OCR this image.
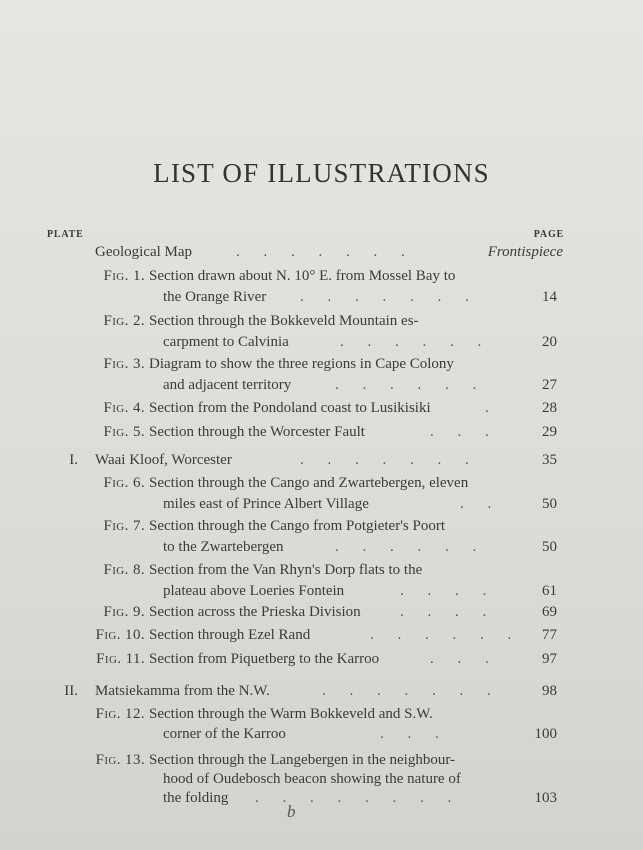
LIST OF ILLUSTRATIONS
PLATE	PAGE
Geological Map	. . . . . . .	Frontispiece
Fig. 1. Section drawn about N. 10° E. from Mossel Bay to
the Orange River . . . . . . .	14
Fig. 2. Section through the Bokkeveld Mountain es-
carpment to Calvinia	. . . . . .	20
Fig. 3. Diagram to show the three regions in Cape Colony
and adjacent territory	. . . . . .	27
Fig. 4. Section from the Pondoland coast to Lusikisiki	.	28
Fig. 5. Section through the Worcester Fault	. . .	29
I. Waai Kloof, Worcester	. . . . . . .	35
Fig. 6. Section through the Cango and Zwartebergen, eleven
miles east of Prince Albert Village	. .	50
Fig. 7. Section through the Cango from Potgieter's Poort
to the Zwartebergen	. . . . . .	50
Fig. 8. Section from the Van Rhyn's Dorp flats to the
plateau above Loeries Fontein	. . . .	61
Fig. 9. Section across the Prieska Division	. . . .	69
Fig. 10. Section through Ezel Rand	. . . . . . 77
Fig. 11. Section from Piquetberg to the Karroo	. . .	97
II. Matsiekamma from the N.W.	. . . . . . .	98
Fig. 12. Section through the Warm Bokkeveld and S.W.
corner of the Karroo	. . .	100
Fig. 13. Section through the Langebergen in the neighbour-
hood of Oudebosch beacon showing the nature of
the folding . . . . . . . .	103
b
